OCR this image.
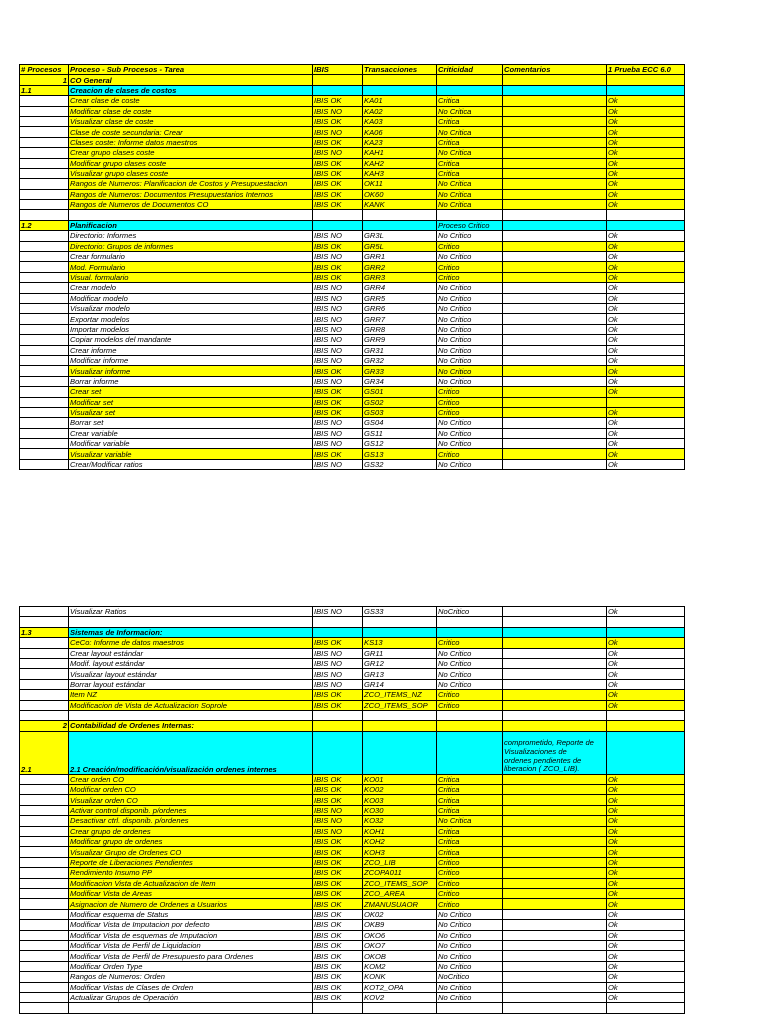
# Procesos	Proceso - Sub Procesos - Tarea	IBIS	Transacciones	Criticidad	Comentarios	1 Prueba ECC 6.0
1	CO General					
1.1	Creacion de clases de costos					
	Crear clase de coste	IBIS OK	KA01	Critica		Ok
	Modificar clase de coste	IBIS NO	KA02	No Critica		Ok
	Visualizar clase de coste	IBIS OK	KA03	Critica		Ok
	Clase de coste secundaria: Crear	IBIS NO	KA06	No Critica		Ok
	Clases coste: Informe datos maestros	IBIS OK	KA23	Critica		Ok
	Crear grupo clases coste	IBIS NO	KAH1	No Critica		Ok
	Modificar grupo clases coste	IBIS OK	KAH2	Critica		Ok
	Visualizar grupo clases coste	IBIS OK	KAH3	Critica		Ok
	Rangos de Numeros: Planificacion de Costos y Presupuestacion	IBIS OK	OK11	No Critica		Ok
	Rangos de Numeros: Documentos Presupuestarios Internos	IBIS OK	OK60	No Critica		Ok
	Rangos de Numeros de Documentos CO	IBIS OK	KANK	No Critica		Ok

1.2	Planificacion			Proceso Critico		
	Directorio: Informes	IBIS NO	GR3L	No Critico		Ok
	Directorio: Grupos de informes	IBIS OK	GR5L	Critico		Ok
	Crear formulario	IBIS NO	GRR1	No Critico		Ok
	Mod. Formulario	IBIS OK	GRR2	Critico		Ok
	Visual. formulario	IBIS OK	GRR3	Critico		Ok
	Crear modelo	IBIS NO	GRR4	No Critico		Ok
	Modificar modelo	IBIS NO	GRR5	No Critico		Ok
	Visualizar modelo	IBIS NO	GRR6	No Critico		Ok
	Exportar modelos	IBIS NO	GRR7	No Critico		Ok
	Importar modelos	IBIS NO	GRR8	No Critico		Ok
	Copiar modelos del mandante	IBIS NO	GRR9	No Critico		Ok
	Crear informe	IBIS NO	GR31	No Critico		Ok
	Modificar informe	IBIS NO	GR32	No Critico		Ok
	Visualizar informe	IBIS OK	GR33	No Critico		Ok
	Borrar informe	IBIS NO	GR34	No Critico		Ok
	Crear set	IBIS OK	GS01	Critico		Ok
	Modificar set	IBIS OK	GS02	Critico		
	Visualizar set	IBIS OK	GS03	Critico		Ok
	Borrar set	IBIS NO	GS04	No Critico		Ok
	Crear variable	IBIS NO	GS11	No Critico		Ok
	Modificar variable	IBIS NO	GS12	No Critico		Ok
	Visualizar variable	IBIS OK	GS13	Critico		Ok
	Crear/Modificar ratios	IBIS NO	GS32	No Critico		Ok
	Visualizar Ratios	IBIS NO	GS33	NoCritico		Ok

1.3	Sistemas de Informacion:					
	CeCo: Informe de datos maestros	IBIS OK	KS13	Critico		Ok
	Crear layout estándar	IBIS NO	GR11	No Critico		Ok
	Modif. layout estándar	IBIS NO	GR12	No Critico		Ok
	Visualizar layout estándar	IBIS NO	GR13	No Critico		Ok
	Borrar layout estándar	IBIS NO	GR14	No Critico		Ok
	Item NZ	IBIS OK	ZCO_ITEMS_NZ	Critico		Ok
	Modificacion de Vista de Actualizacion Soprole	IBIS OK	ZCO_ITEMS_SOP	Critico		Ok

2	Contabilidad de Ordenes Internas:					
2.1	2.1 Creación/modificación/visualización ordenes internes				comprometido, Reporte de
Visualizaciones de
ordenes pendientes de
liberacion ( ZCO_LIB).	
	Crear orden CO	IBIS OK	KO01	Critica		Ok
	Modificar orden CO	IBIS OK	KO02	Critica		Ok
	Visualizar orden CO	IBIS OK	KO03	Critica		Ok
	Activar control disponib. p/ordenes	IBIS NO	KO30	Critica		Ok
	Desactivar ctrl. disponib. p/ordenes	IBIS NO	KO32	No Critica		Ok
	Crear grupo de ordenes	IBIS NO	KOH1	Critica		Ok
	Modificar grupo de ordenes	IBIS OK	KOH2	Critica		Ok
	Visualizar Grupo de Ordenes CO	IBIS OK	KOH3	Critica		Ok
	Reporte de Liberaciones Pendientes	IBIS OK	ZCO_LIB	Critico		Ok
	Rendimiento Insumo PP	IBIS OK	ZCOPA011	Critico		Ok
	Modificacion Vista de Actualizacion de Item	IBIS OK	ZCO_ITEMS_SOP	Critico		Ok
	Modificar Vista de Areas	IBIS OK	ZCO_AREA	Critico		Ok
	Asignacion de Numero de Ordenes a Usuarios	IBIS OK	ZMANUSUAOR	Critico		Ok
	Modificar esquema de Status	IBIS OK	OK02	No Critico		Ok
	Modificar Vista de Imputacion por defecto	IBIS OK	OKB9	No Critico		Ok
	Modificar Vista de esquemas de Imputacion	IBIS OK	OKO6	No Critico		Ok
	Modificar Vista de Perfil de Liquidacion	IBIS OK	OKO7	No Critico		Ok
	Modificar Vista de Perfil de Presupuesto para Ordenes	IBIS OK	OKOB	No Critico		Ok
	Modificar Orden Type	IBIS OK	KOM2	No Critico		Ok
	Rangos de Numeros: Orden	IBIS OK	KONK	NoCritico		Ok
	Modificar Vistas de Clases de Orden	IBIS OK	KOT2_OPA	No Critico		Ok
	Actualizar Grupos de Operación	IBIS OK	KOV2	No Critico		Ok
